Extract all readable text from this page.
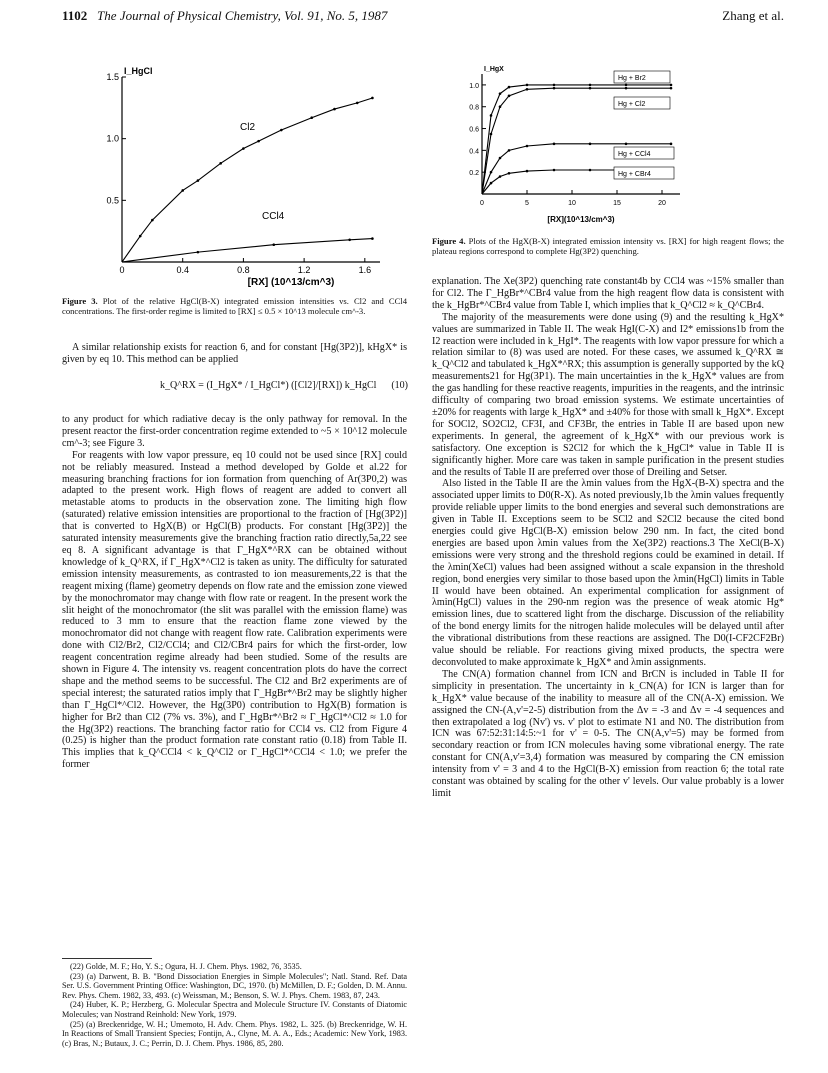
1102 The Journal of Physical Chemistry, Vol. 91, No. 5, 1987	Zhang et al.
0	0.4	0.8	1.2	1.6
0.5
1.0
1.5
I_HgCl
[RX] (10^13/cm^3)
Cl2
CCl4
Figure 3. Plot of the relative HgCl(B-X) integrated emission intensities vs. Cl2 and CCl4 concentrations. The first-order regime is limited to [RX] ≤ 0.5 × 10^13 molecule cm^-3.

A similar relationship exists for reaction 6, and for constant [Hg(3P2)], kHgX* is given by eq 10. This method can be applied

k_Q^RX = (I_HgX* / I_HgCl*) ([Cl2]/[RX]) k_HgCl (10)

to any product for which radiative decay is the only pathway for removal. In the present reactor the first-order concentration regime extended to ~5 × 10^12 molecule cm^-3; see Figure 3.

For reagents with low vapor pressure, eq 10 could not be used since [RX] could not be reliably measured. Instead a method developed by Golde et al.22 for measuring branching fractions for ion formation from quenching of Ar(3P0,2) was adapted to the present work. High flows of reagent are added to convert all metastable atoms to products in the observation zone. The limiting high flow (saturated) relative emission intensities are proportional to the fraction of [Hg(3P2)] that is converted to HgX(B) or HgCl(B) products. For constant [Hg(3P2)] the saturated intensity measurements give the branching fraction ratio directly,5a,22 see eq 8. A significant advantage is that Γ_HgX*^RX can be obtained without knowledge of k_Q^RX, if Γ_HgX*^Cl2 is taken as unity. The difficulty for saturated emission intensity measurements, as contrasted to ion measurements,22 is that the reagent mixing (flame) geometry depends on flow rate and the emission zone viewed by the monochromator may change with flow rate or reagent. In the present work the slit height of the monochromator (the slit was parallel with the emission flame) was reduced to 3 mm to ensure that the reaction flame zone viewed by the monochromator did not change with reagent flow rate. Calibration experiments were done with Cl2/Br2, Cl2/CCl4; and Cl2/CBr4 pairs for which the first-order, low reagent concentration regime already had been studied. Some of the results are shown in Figure 4. The intensity vs. reagent concentration plots do have the correct shape and the method seems to be successful. The Cl2 and Br2 experiments are of special interest; the saturated ratios imply that Γ_HgBr*^Br2 may be slightly higher than Γ_HgCl*^Cl2. However, the Hg(3P0) contribution to HgX(B) formation is higher for Br2 than Cl2 (7% vs. 3%), and Γ_HgBr*^Br2 ≈ Γ_HgCl*^Cl2 ≈ 1.0 for the Hg(3P2) reactions. The branching factor ratio for CCl4 vs. Cl2 from Figure 4 (0.25) is higher than the product formation rate constant ratio (0.18) from Table II. This implies that k_Q^CCl4 < k_Q^Cl2 or Γ_HgCl*^CCl4 < 1.0; we prefer the former

(22) Golde, M. F.; Ho, Y. S.; Ogura, H. J. Chem. Phys. 1982, 76, 3535.

(23) (a) Darwent, B. B. "Bond Dissociation Energies in Simple Molecules"; Natl. Stand. Ref. Data Ser. U.S. Government Printing Office: Washington, DC, 1970. (b) McMillen, D. F.; Golden, D. M. Annu. Rev. Phys. Chem. 1982, 33, 493. (c) Weissman, M.; Benson, S. W. J. Phys. Chem. 1983, 87, 243.

(24) Huber, K. P.; Herzberg, G. Molecular Spectra and Molecule Structure IV. Constants of Diatomic Molecules; van Nostrand Reinhold: New York, 1979.

(25) (a) Breckenridge, W. H.; Umemoto, H. Adv. Chem. Phys. 1982, L. 325. (b) Breckenridge, W. H. In Reactions of Small Transient Species; Fontijn, A., Clyne, M. A. A., Eds.; Academic: New York, 1983. (c) Bras, N.; Butaux, J. C.; Perrin, D. J. Chem. Phys. 1986, 85, 280.

0	5	10	15	20
0.2
0.4
0.6
0.8
1.0
I_HgX
[RX](10^13/cm^3)
Hg + Br2
Hg + Cl2
Hg + CCl4
Hg + CBr4
Figure 4. Plots of the HgX(B-X) integrated emission intensity vs. [RX] for high reagent flows; the plateau regions correspond to complete Hg(3P2) quenching.

explanation. The Xe(3P2) quenching rate constant4b by CCl4 was ~15% smaller than for Cl2. The Γ_HgBr*^CBr4 value from the high reagent flow data is consistent with the k_HgBr*^CBr4 value from Table I, which implies that k_Q^Cl2 ≈ k_Q^CBr4.

The majority of the measurements were done using (9) and the resulting k_HgX* values are summarized in Table II. The weak HgI(C-X) and I2* emissions1b from the I2 reaction were included in k_HgI*. The reagents with low vapor pressure for which a relation similar to (8) was used are noted. For these cases, we assumed k_Q^RX ≅ k_Q^Cl2 and tabulated k_HgX*^RX; this assumption is generally supported by the kQ measurements21 for Hg(3P1). The main uncertainties in the k_HgX* values are from the gas handling for these reactive reagents, impurities in the reagents, and the intrinsic difficulty of comparing two broad emission systems. We estimate uncertainties of ±20% for reagents with large k_HgX* and ±40% for those with small k_HgX*. Except for SOCl2, SO2Cl2, CF3I, and CF3Br, the entries in Table II are based upon new experiments. In general, the agreement of k_HgX* with our previous work is satisfactory. One exception is S2Cl2 for which the k_HgCl* value in Table II is significantly higher. More care was taken in sample purification in the present studies and the results of Table II are preferred over those of Dreiling and Setser.

Also listed in the Table II are the λmin values from the HgX-(B-X) spectra and the associated upper limits to D0(R-X). As noted previously,1b the λmin values frequently provide reliable upper limits to the bond energies and several such demonstrations are given in Table II. Exceptions seem to be SCl2 and S2Cl2 because the cited bond energies could give HgCl(B-X) emission below 290 nm. In fact, the cited bond energies are based upon λmin values from the Xe(3P2) reactions.3 The XeCl(B-X) emissions were very strong and the threshold regions could be examined in detail. If the λmin(XeCl) values had been assigned without a scale expansion in the threshold region, bond energies very similar to those based upon the λmin(HgCl) limits in Table II would have been obtained. An experimental complication for assignment of λmin(HgCl) values in the 290-nm region was the presence of weak atomic Hg* emission lines, due to scattered light from the discharge. Discussion of the reliability of the bond energy limits for the nitrogen halide molecules will be delayed until after the vibrational distributions from these reactions are assigned. The D0(I-CF2CF2Br) value should be reliable. For reactions giving mixed products, the spectra were deconvoluted to make approximate k_HgX* and λmin assignments.

The CN(A) formation channel from ICN and BrCN is included in Table II for simplicity in presentation. The uncertainty in k_CN(A) for ICN is larger than for k_HgX* value because of the inability to measure all of the CN(A-X) emission. We assigned the CN-(A,v'=2-5) distribution from the Δv = -3 and Δv = -4 sequences and then extrapolated a log (Nv') vs. v' plot to estimate N1 and N0. The distribution from ICN was 67:52:31:14:5:~1 for v' = 0-5. The CN(A,v'=5) may be formed from secondary reaction or from ICN molecules having some vibrational energy. The rate constant for CN(A,v'=3,4) formation was measured by comparing the CN emission intensity from v' = 3 and 4 to the HgCl(B-X) emission from reaction 6; the total rate constant was obtained by scaling for the other v' levels. Our value probably is a lower limit
